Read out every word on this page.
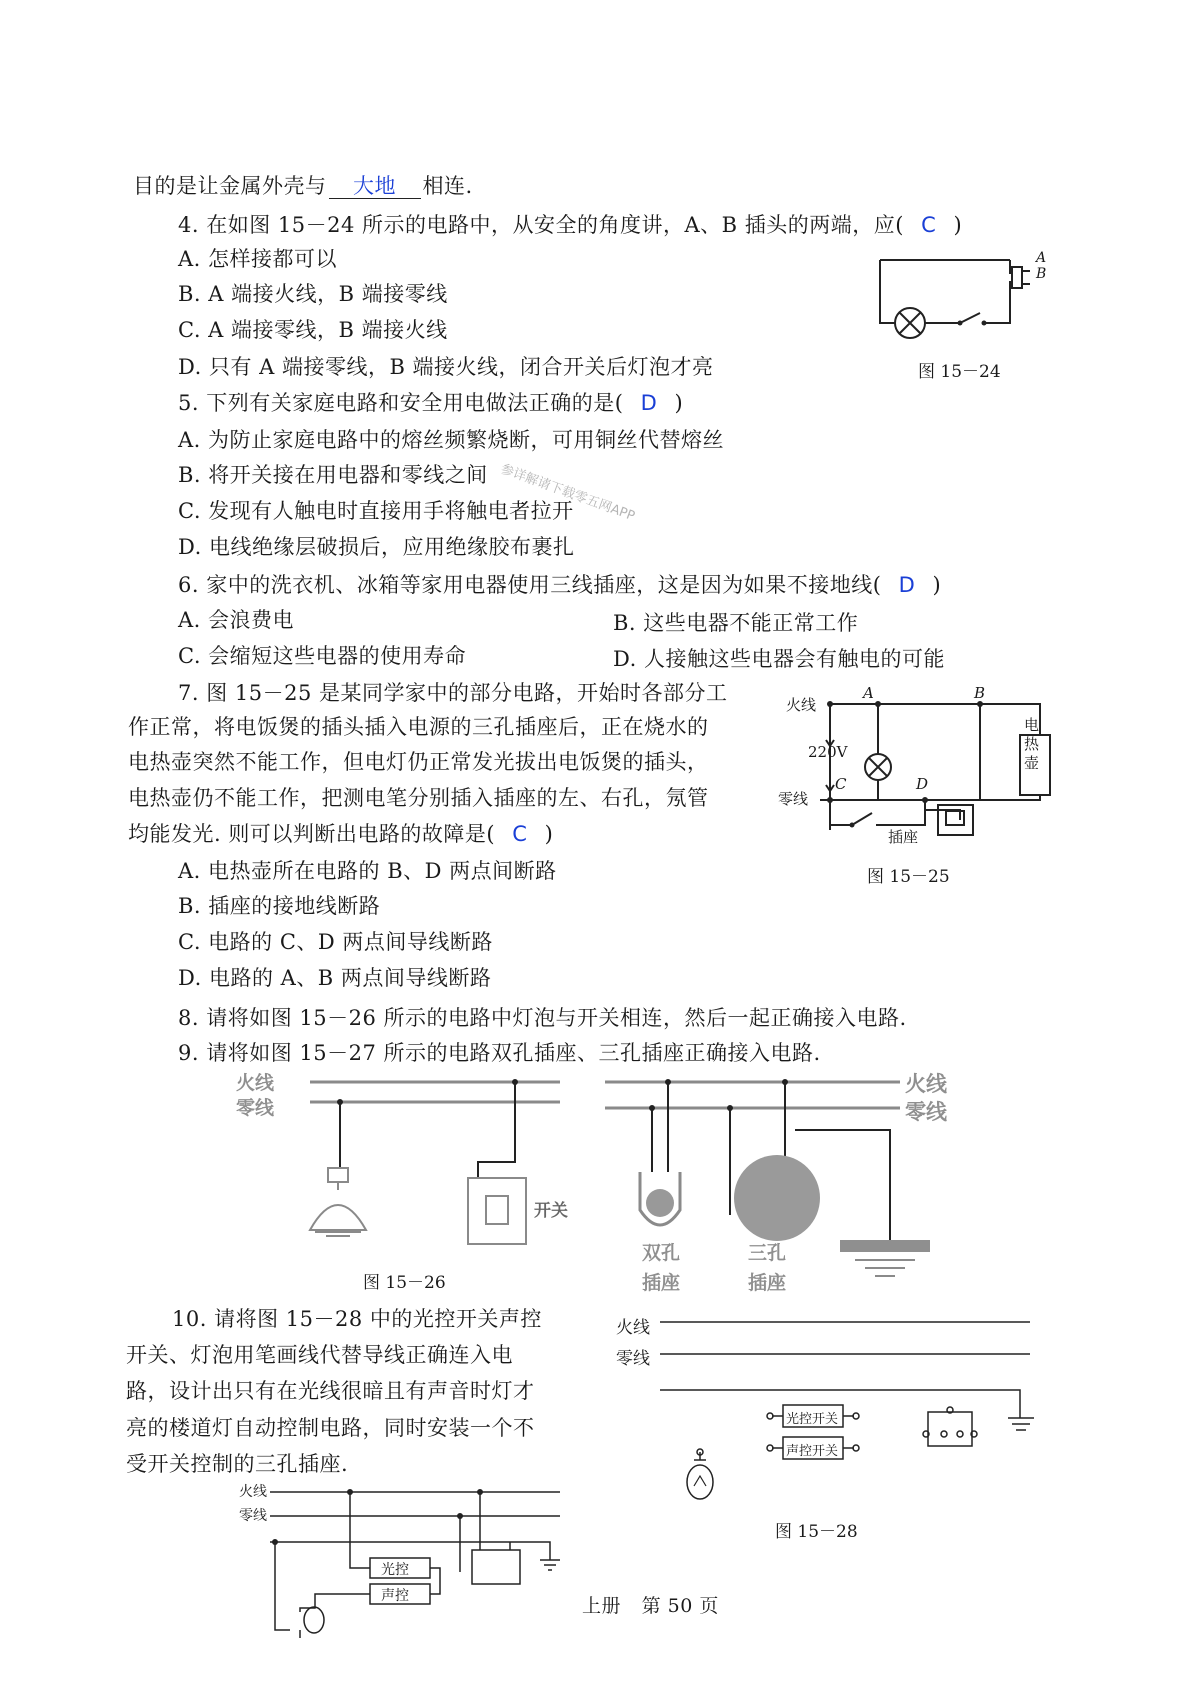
目的是让金属外壳与 大地 相连.
4. 在如图 15－24 所示的电路中，从安全的角度讲，A、B 插头的两端，应( C )
A. 怎样接都可以
B. A 端接火线，B 端接零线
C. A 端接零线，B 端接火线
D. 只有 A 端接零线，B 端接火线，闭合开关后灯泡才亮
A
B
图 15－24
5. 下列有关家庭电路和安全用电做法正确的是( D )
A. 为防止家庭电路中的熔丝频繁烧断，可用铜丝代替熔丝
B. 将开关接在用电器和零线之间
C. 发现有人触电时直接用手将触电者拉开
D. 电线绝缘层破损后，应用绝缘胶布裹扎
参详解请下载零五网APP
6. 家中的洗衣机、冰箱等家用电器使用三线插座，这是因为如果不接地线( D )
A. 会浪费电	B. 这些电器不能正常工作
C. 会缩短这些电器的使用寿命	D. 人接触这些电器会有触电的可能
7. 图 15－25 是某同学家中的部分电路，开始时各部分工
作正常，将电饭煲的插头插入电源的三孔插座后，正在烧水的
电热壶突然不能工作，但电灯仍正常发光拔出电饭煲的插头，
电热壶仍不能工作，把测电笔分别插入插座的左、右孔，氖管
均能发光. 则可以判断出电路的故障是( C )
A. 电热壶所在电路的 B、D 两点间断路
B. 插座的接地线断路
C. 电路的 C、D 两点间导线断路
D. 电路的 A、B 两点间导线断路
火线
220V
零线
A	B
C	D
电热壶
插座
图 15－25
8. 请将如图 15－26 所示的电路中灯泡与开关相连，然后一起正确接入电路.
9. 请将如图 15－27 所示的电路双孔插座、三孔插座正确接入电路.
火线
零线
开关
图 15－26
火线
零线
双孔
插座
三孔
插座
10. 请将图 15－28 中的光控开关声控
开关、灯泡用笔画线代替导线正确连入电
路，设计出只有在光线很暗且有声音时灯才
亮的楼道灯自动控制电路，同时安装一个不
受开关控制的三孔插座.
火线
零线
光控开关
声控开关
图 15－28
火线
零线
光控
声控	上册 第 50 页
